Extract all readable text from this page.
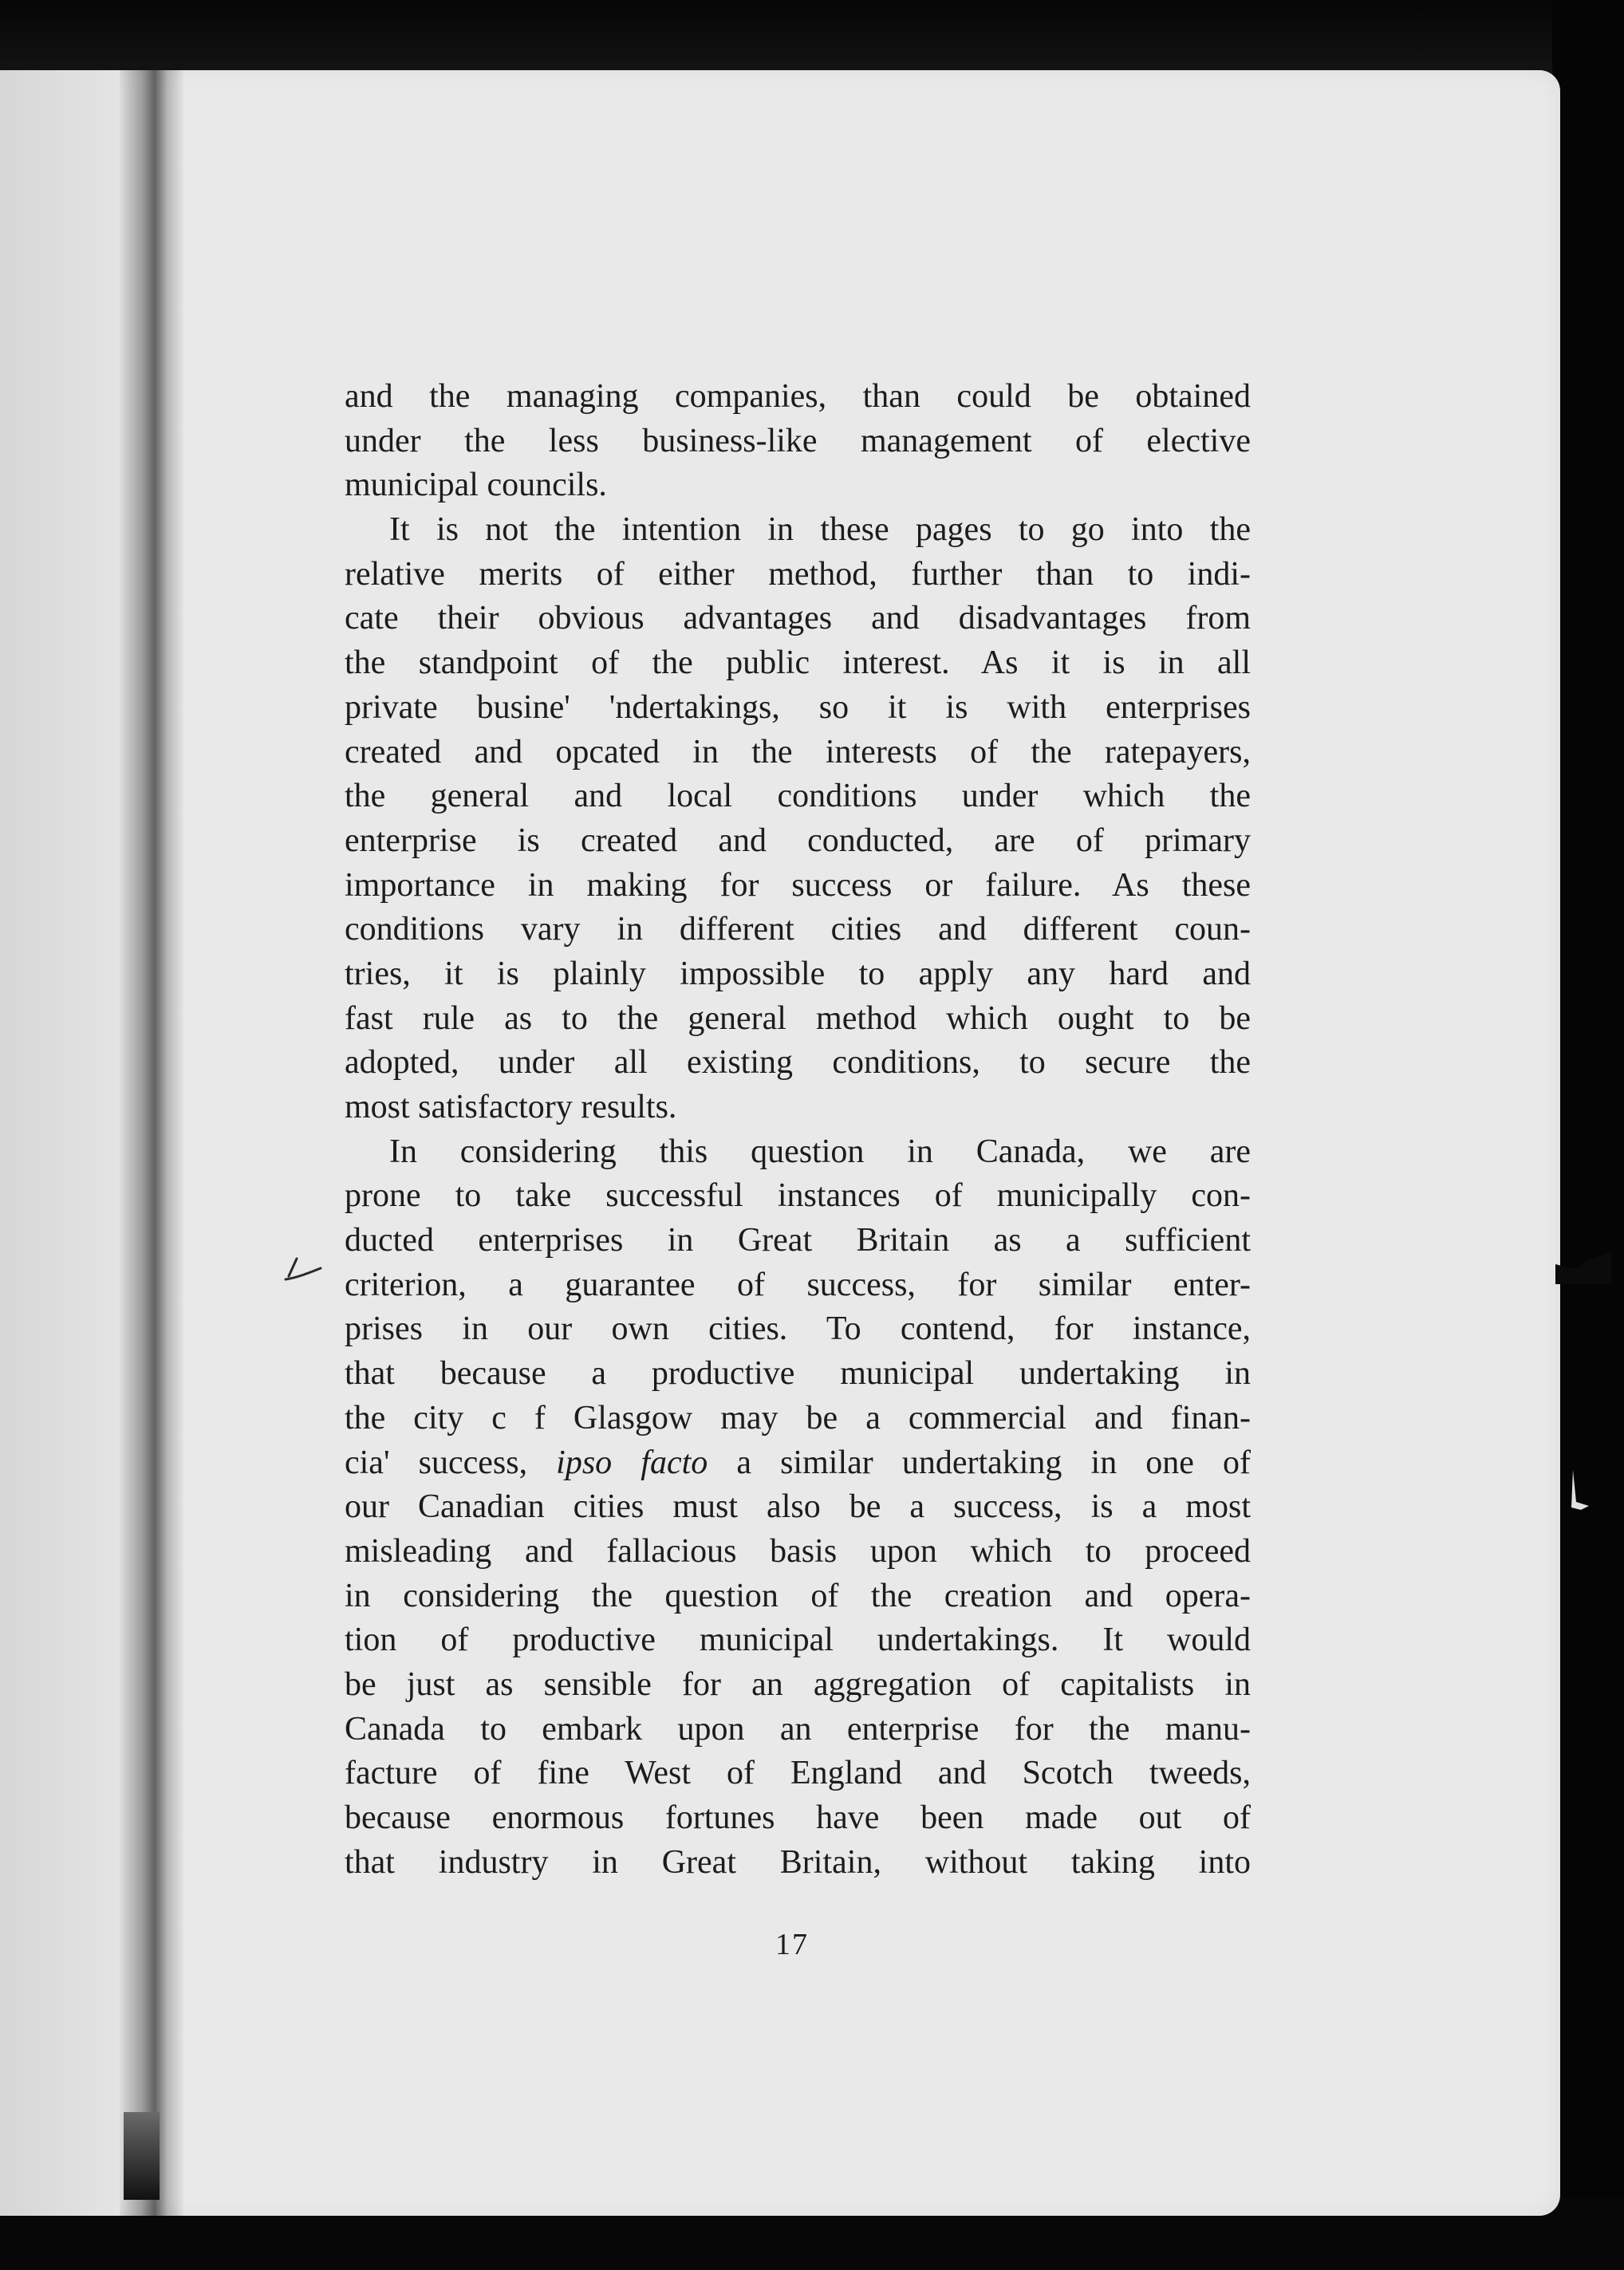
and the managing companies, than could be obtained
under the less business-like management of elective
municipal councils.
It is not the intention in these pages to go into the
relative merits of either method, further than to indi-
cate their obvious advantages and disadvantages from
the standpoint of the public interest. As it is in all
private busine' 'ndertakings, so it is with enterprises
created and opcated in the interests of the ratepayers,
the general and local conditions under which the
enterprise is created and conducted, are of primary
importance in making for success or failure. As these
conditions vary in different cities and different coun-
tries, it is plainly impossible to apply any hard and
fast rule as to the general method which ought to be
adopted, under all existing conditions, to secure the
most satisfactory results.
In considering this question in Canada, we are
prone to take successful instances of municipally con-
ducted enterprises in Great Britain as a sufficient
criterion, a guarantee of success, for similar enter-
prises in our own cities. To contend, for instance,
that because a productive municipal undertaking in
the city c f Glasgow may be a commercial and finan-
cia' success, ipso facto a similar undertaking in one of
our Canadian cities must also be a success, is a most
misleading and fallacious basis upon which to proceed
in considering the question of the creation and opera-
tion of productive municipal undertakings. It would
be just as sensible for an aggregation of capitalists in
Canada to embark upon an enterprise for the manu-
facture of fine West of England and Scotch tweeds,
because enormous fortunes have been made out of
that industry in Great Britain, without taking into
17
